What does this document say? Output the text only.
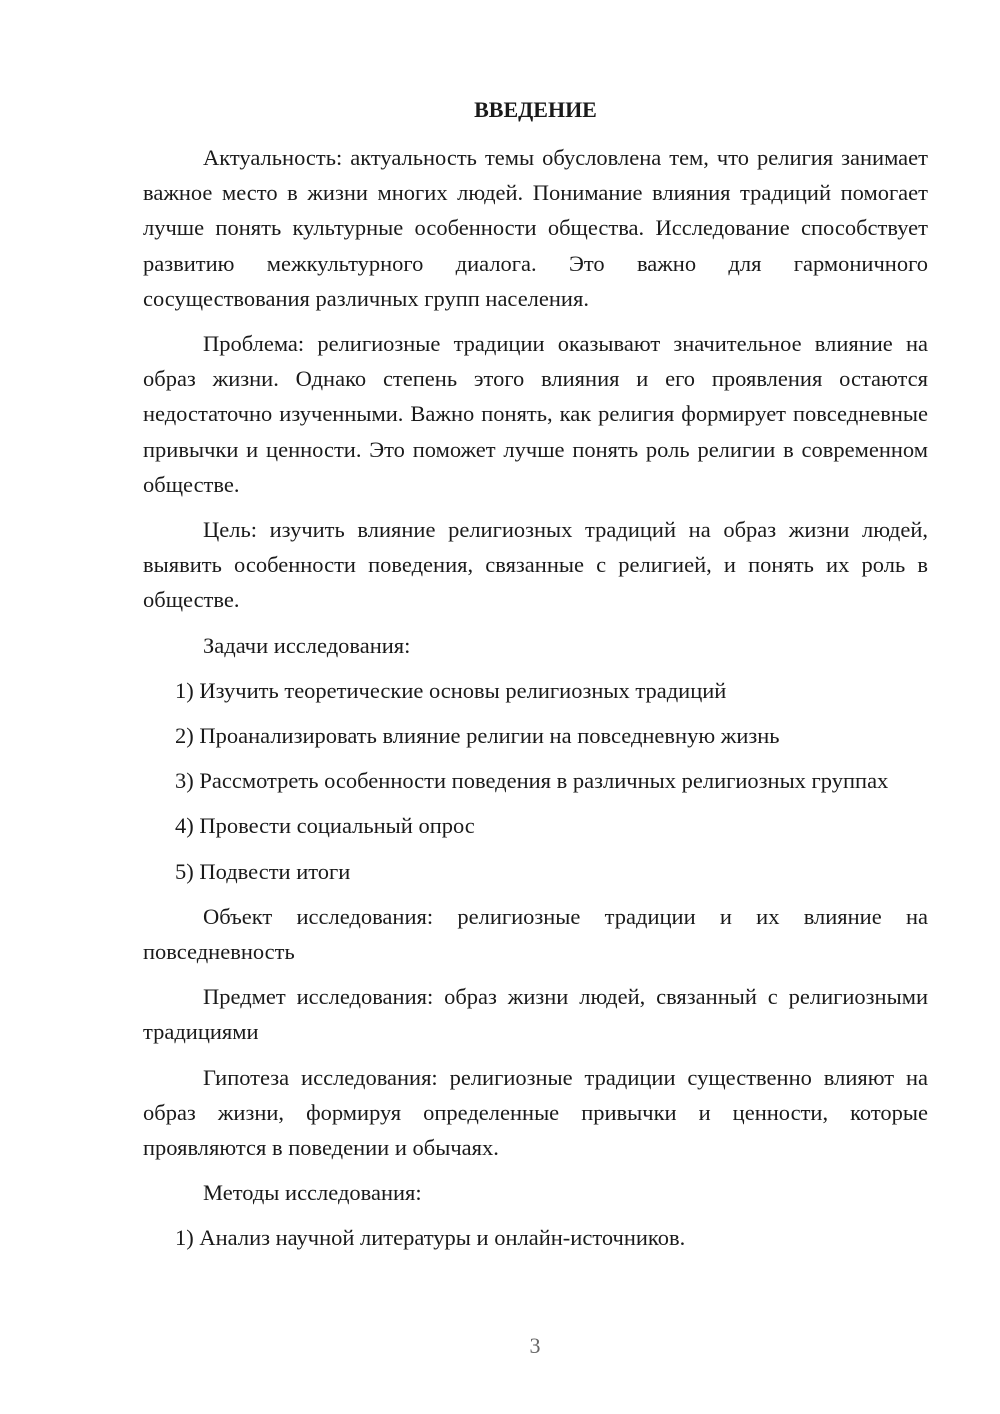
ВВЕДЕНИЕ

Актуальность: актуальность темы обусловлена тем, что религия занимает важное место в жизни многих людей. Понимание влияния традиций помогает лучше понять культурные особенности общества. Исследование способствует развитию межкультурного диалога. Это важно для гармоничного сосуществования различных групп населения.

Проблема: религиозные традиции оказывают значительное влияние на образ жизни. Однако степень этого влияния и его проявления остаются недостаточно изученными. Важно понять, как религия формирует повседневные привычки и ценности. Это поможет лучше понять роль религии в современном обществе.

Цель: изучить влияние религиозных традиций на образ жизни людей, выявить особенности поведения, связанные с религией, и понять их роль в обществе.

Задачи исследования:

1) Изучить теоретические основы религиозных традиций

2) Проанализировать влияние религии на повседневную жизнь

3) Рассмотреть особенности поведения в различных религиозных группах

4) Провести социальный опрос

5) Подвести итоги

Объект исследования: религиозные традиции и их влияние на повседневность

Предмет исследования: образ жизни людей, связанный с религиозными традициями

Гипотеза исследования: религиозные традиции существенно влияют на образ жизни, формируя определенные привычки и ценности, которые проявляются в поведении и обычаях.

Методы исследования:

1) Анализ научной литературы и онлайн-источников.

3
